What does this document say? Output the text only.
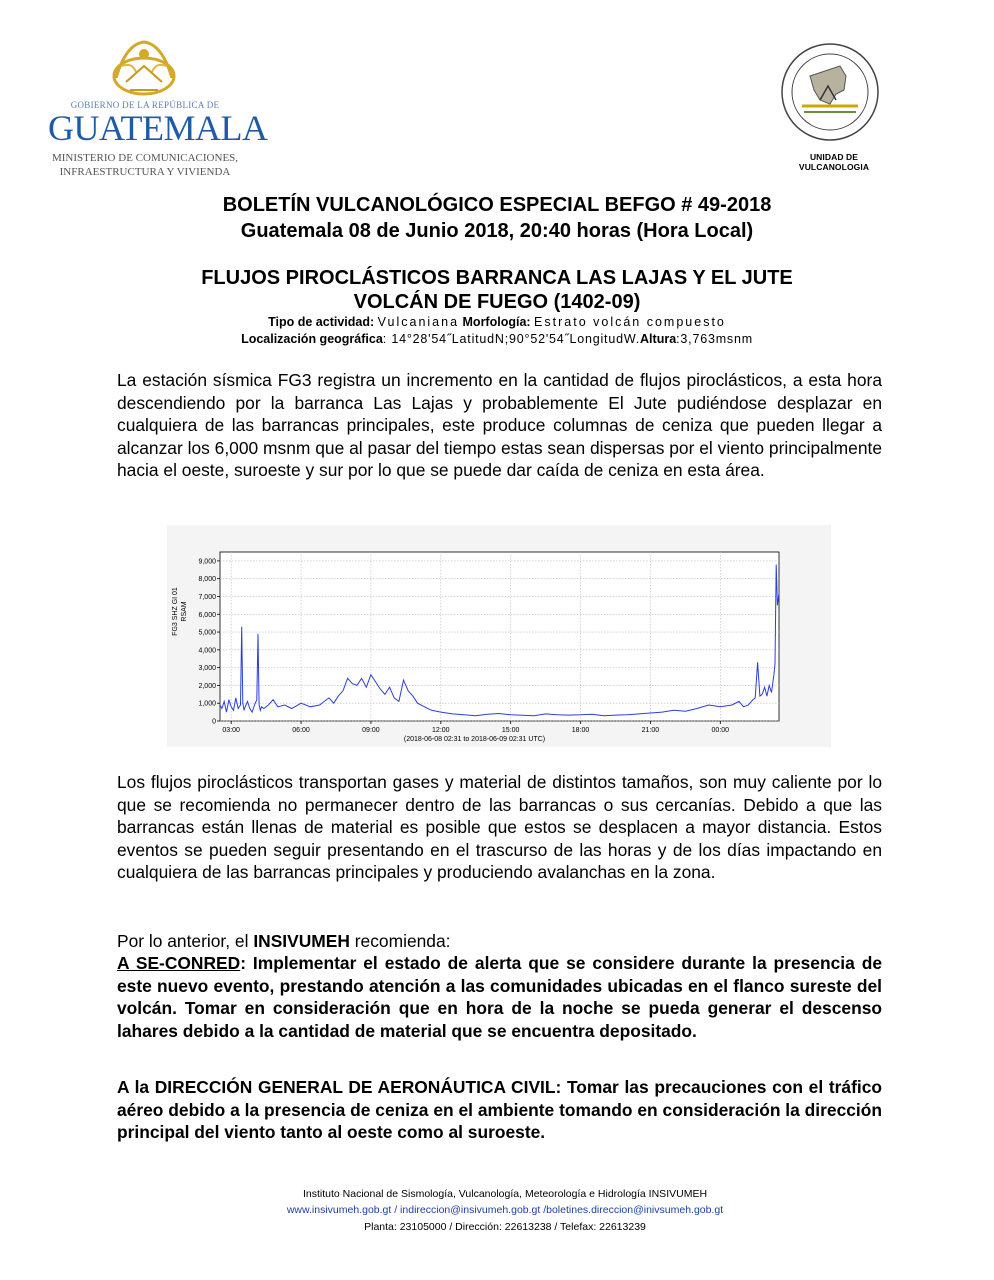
GOBIERNO DE LA REPÚBLICA DE
GUATEMALA
MINISTERIO DE COMUNICACIONES,
INFRAESTRUCTURA Y VIVIENDA
UNIDAD DE VULCANOLOGIA
BOLETÍN VULCANOLÓGICO ESPECIAL BEFGO # 49-2018
Guatemala 08 de Junio 2018, 20:40 horas (Hora Local)
FLUJOS PIROCLÁSTICOS BARRANCA LAS LAJAS Y EL JUTE
VOLCÁN DE FUEGO (1402-09)
Tipo de actividad: Vulcaniana Morfología: Estrato volcán compuesto
Localización geográfica: 14°28'54˝LatitudN;90°52'54˝LongitudW.Altura:3,763msnm
La estación sísmica FG3 registra un incremento en la cantidad de flujos piroclásticos, a esta hora descendiendo por la barranca Las Lajas y probablemente El Jute pudiéndose desplazar en cualquiera de las barrancas principales, este produce columnas de ceniza que pueden llegar a alcanzar los 6,000 msnm que al pasar del tiempo estas sean dispersas por el viento principalmente hacia el oeste, suroeste y sur por lo que se puede dar caída de ceniza en esta área.
0
1,000
2,000
3,000
4,000
5,000
6,000
7,000
8,000
9,000
03:00	06:00	09:00	12:00	15:00	18:00	21:00	00:00
(2018-06-08 02:31 to 2018-06-09 02:31 UTC)
FG3 SHZ GI 01 RSAM
Los flujos piroclásticos transportan gases y material de distintos tamaños, son muy caliente por lo que se recomienda no permanecer dentro de las barrancas o sus cercanías. Debido a que las barrancas están llenas de material es posible que estos se desplacen a mayor distancia. Estos eventos se pueden seguir presentando en el trascurso de las horas y de los días impactando en cualquiera de las barrancas principales y produciendo avalanchas en la zona.
Por lo anterior, el INSIVUMEH recomienda:
A SE-CONRED: Implementar el estado de alerta que se considere durante la presencia de este nuevo evento, prestando atención a las comunidades ubicadas en el flanco sureste del volcán. Tomar en consideración que en hora de la noche se pueda generar el descenso lahares debido a la cantidad de material que se encuentra depositado.
A la DIRECCIÓN GENERAL DE AERONÁUTICA CIVIL: Tomar las precauciones con el tráfico aéreo debido a la presencia de ceniza en el ambiente tomando en consideración la dirección principal del viento tanto al oeste como al suroeste.
Instituto Nacional de Sismología, Vulcanología, Meteorología e Hidrología INSIVUMEH
www.insivumeh.gob.gt / indireccion@insivumeh.gob.gt /boletines.direccion@inivsumeh.gob.gt
Planta: 23105000 / Dirección: 22613238 / Telefax: 22613239
